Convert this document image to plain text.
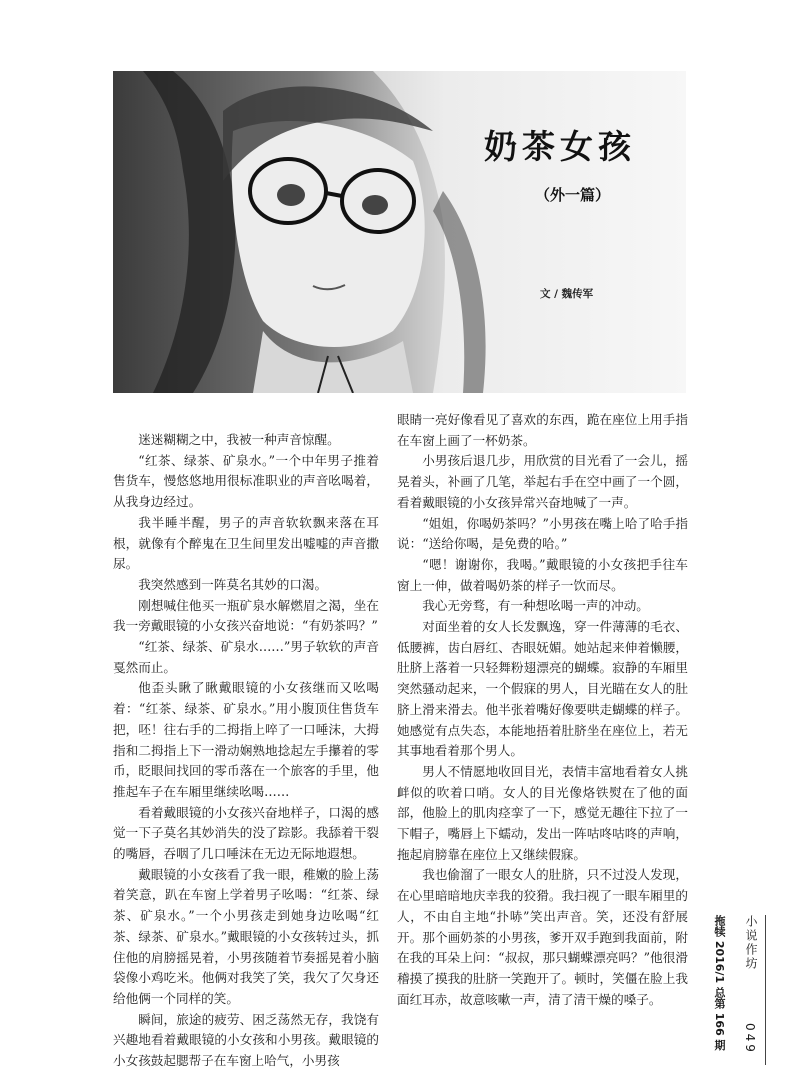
奶茶女孩
（外一篇）
文 / 魏传军

迷迷糊糊之中，我被一种声音惊醒。

“红茶、绿茶、矿泉水。”一个中年男子推着售货车，慢悠悠地用很标准职业的声音吆喝着，从我身边经过。

我半睡半醒，男子的声音软软飘来落在耳根，就像有个醉鬼在卫生间里发出嘘嘘的声音撒尿。

我突然感到一阵莫名其妙的口渴。

刚想喊住他买一瓶矿泉水解燃眉之渴，坐在我一旁戴眼镜的小女孩兴奋地说：“有奶茶吗？”

“红茶、绿茶、矿泉水……”男子软软的声音戛然而止。

他歪头瞅了瞅戴眼镜的小女孩继而又吆喝着：“红茶、绿茶、矿泉水。”用小腹顶住售货车把，呸！往右手的二拇指上啐了一口唾沫，大拇指和二拇指上下一滑动娴熟地捻起左手攥着的零币，眨眼间找回的零币落在一个旅客的手里，他推起车子在车厢里继续吆喝……

看着戴眼镜的小女孩兴奋地样子，口渴的感觉一下子莫名其妙消失的没了踪影。我舔着干裂的嘴唇，吞咽了几口唾沫在无边无际地遐想。

戴眼镜的小女孩看了我一眼，稚嫩的脸上荡着笑意，趴在车窗上学着男子吆喝：“红茶、绿茶、矿泉水。”一个小男孩走到她身边吆喝“红茶、绿茶、矿泉水。”戴眼镜的小女孩转过头，抓住他的肩膀摇晃着，小男孩随着节奏摇晃着小脑袋像小鸡吃米。他俩对我笑了笑，我欠了欠身还给他俩一个同样的笑。

瞬间，旅途的疲劳、困乏荡然无存，我饶有兴趣地看着戴眼镜的小女孩和小男孩。戴眼镜的小女孩鼓起腮帮子在车窗上哈气，小男孩

眼睛一亮好像看见了喜欢的东西，跪在座位上用手指在车窗上画了一杯奶茶。

小男孩后退几步，用欣赏的目光看了一会儿，摇晃着头，补画了几笔，举起右手在空中画了一个圆，看着戴眼镜的小女孩异常兴奋地喊了一声。

“姐姐，你喝奶茶吗？”小男孩在嘴上哈了哈手指说：“送给你喝，是免费的哈。”

“嗯！谢谢你，我喝。”戴眼镜的小女孩把手往车窗上一伸，做着喝奶茶的样子一饮而尽。

我心无旁骛，有一种想吆喝一声的冲动。

对面坐着的女人长发飘逸，穿一件薄薄的毛衣、低腰裤，齿白唇红、杏眼妩媚。她站起来伸着懒腰，肚脐上落着一只轻舞粉翅漂亮的蝴蝶。寂静的车厢里突然骚动起来，一个假寐的男人，目光瞄在女人的肚脐上滑来滑去。他半张着嘴好像要哄走蝴蝶的样子。她感觉有点失态，本能地捂着肚脐坐在座位上，若无其事地看着那个男人。

男人不情愿地收回目光，表情丰富地看着女人挑衅似的吹着口哨。女人的目光像烙铁熨在了他的面部，他脸上的肌肉痉挛了一下，感觉无趣往下拉了一下帽子，嘴唇上下蠕动，发出一阵咕咚咕咚的声响，拖起肩膀靠在座位上又继续假寐。

我也偷溜了一眼女人的肚脐，只不过没人发现，在心里暗暗地庆幸我的狡猾。我扫视了一眼车厢里的人，不由自主地“扑哧”笑出声音。笑，还没有舒展开。那个画奶茶的小男孩，爹开双手跑到我面前，附在我的耳朵上问：“叔叔，那只蝴蝶漂亮吗？”他很滑稽摸了摸我的肚脐一笑跑开了。顿时，笑僵在脸上我面红耳赤，故意咳嗽一声，清了清干燥的嗓子。	拖犊 2016/1 总第 166 期 小说作坊
049
